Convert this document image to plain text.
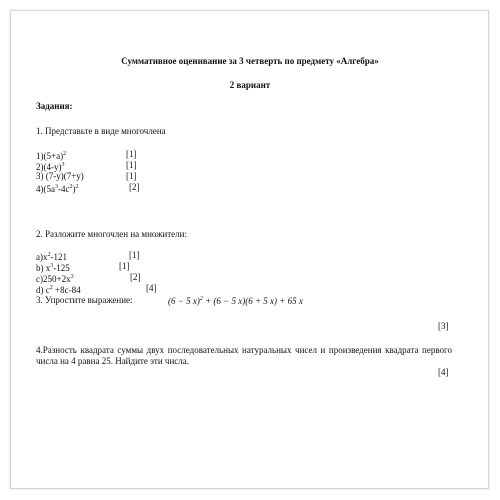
Суммативное оценивание за 3 четверть по предмету «Алгебра»
2 вариант
Задания:
1. Представьте в виде многочлена
$1)(5+a)^2$	[1]
$2)(4-y)^3$	[1]
3) (7-y)(7+y)	[1]
$4)(5a^3-4c^2)^2$	[2]
2. Разложите многочлен на множители:
$a)x^2-121$	[1]
b) $x^3-125$	[1]
$c)250+2x^3$	[2]
d) $c^2 +8c-84$	[4]
3. Упростите выражение:	(6 − 5 x)$^2$ + (6 − 5 x)(6 + 5 x) + 65 x
[3]
4.Разность квадрата суммы двух последовательных натуральных чисел и произведения квадрата первого числа на 4 равна 25. Найдите эти числа.
[4]
